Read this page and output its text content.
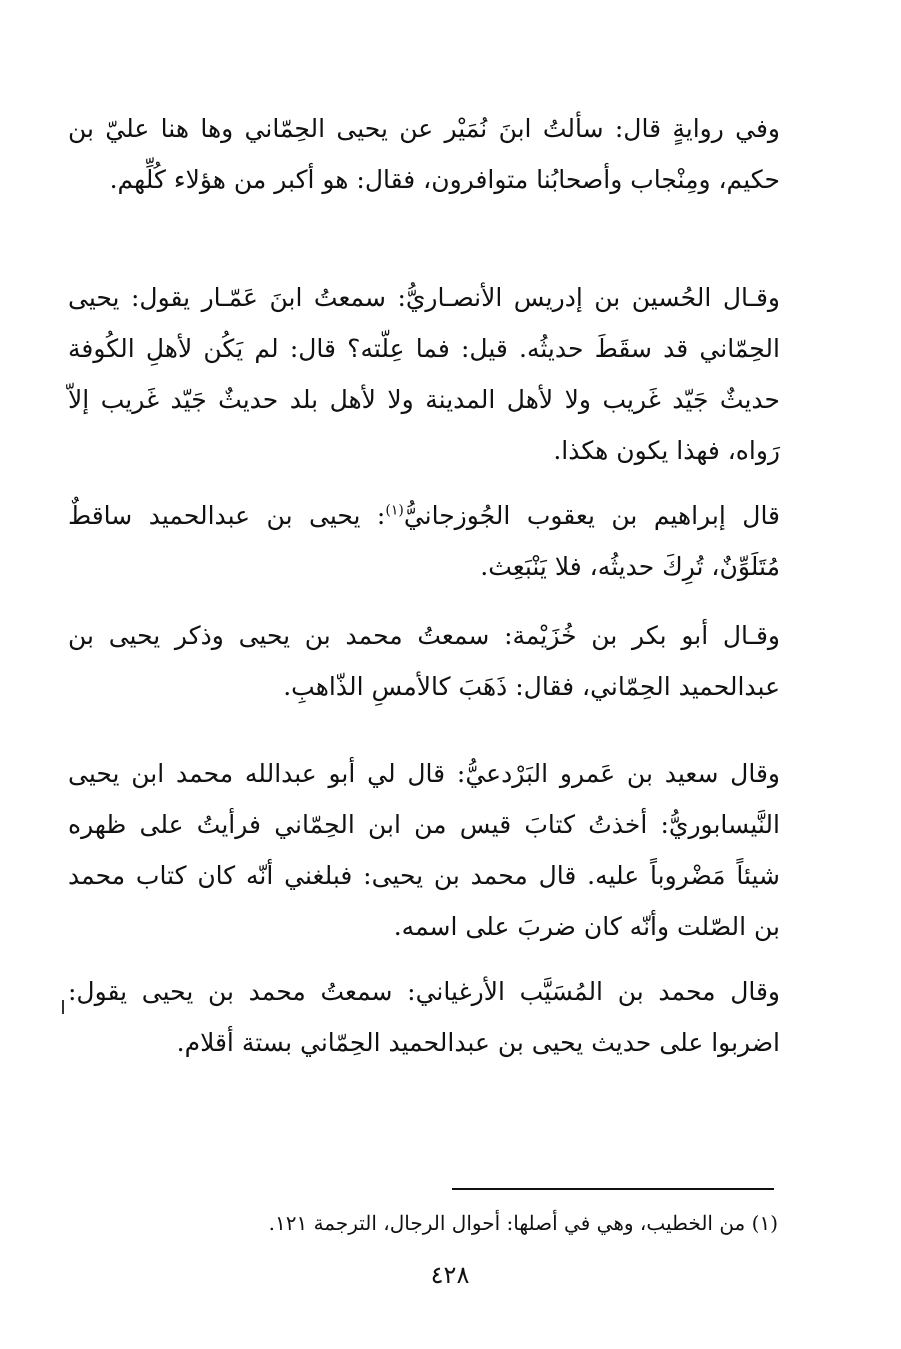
وفي روايةٍ قال: سألتُ ابنَ نُمَيْر عن يحيى الحِمّاني وها هنا عليّ بن حكيم، ومِنْجاب وأصحابُنا متوافرون، فقال: هو أكبر من هؤلاء كُلِّهم.

وقـال الحُسين بن إدريس الأنصـاريُّ: سمعتُ ابنَ عَمّـار يقول: يحيى الحِمّاني قد سقَطَ حديثُه. قيل: فما عِلّته؟ قال: لم يَكُن لأهلِ الكُوفة حديثٌ جَيّد غَريب ولا لأهل المدينة ولا لأهل بلد حديثٌ جَيّد غَريب إلاّ رَواه، فهذا يكون هكذا.

قال إبراهيم بن يعقوب الجُوزجانيُّ$^{(١)}$: يحيى بن عبدالحميد ساقطٌ مُتَلَوِّنٌ، تُرِكَ حديثُه، فلا يَنْبَعِث.

وقـال أبو بكر بن خُزَيْمة: سمعتُ محمد بن يحيى وذكر يحيى بن عبدالحميد الحِمّاني، فقال: ذَهَبَ كالأمسِ الذّاهبِ.

وقال سعيد بن عَمرو البَرْدعيُّ: قال لي أبو عبدالله محمد ابن يحيى النَّيسابوريُّ: أخذتُ كتابَ قيس من ابن الحِمّاني فرأيتُ على ظهره شيئاً مَضْروباً عليه. قال محمد بن يحيى: فبلغني أنّه كان كتاب محمد بن الصّلت وأنّه كان ضربَ على اسمه.

وقال محمد بن المُسَيَّب الأرغياني: سمعتُ محمد بن يحيى يقول: اضربوا على حديث يحيى بن عبدالحميد الحِمّاني بستة أقلام.

(١) من الخطيب، وهي في أصلها: أحوال الرجال، الترجمة ١٢١.
٤٢٨
